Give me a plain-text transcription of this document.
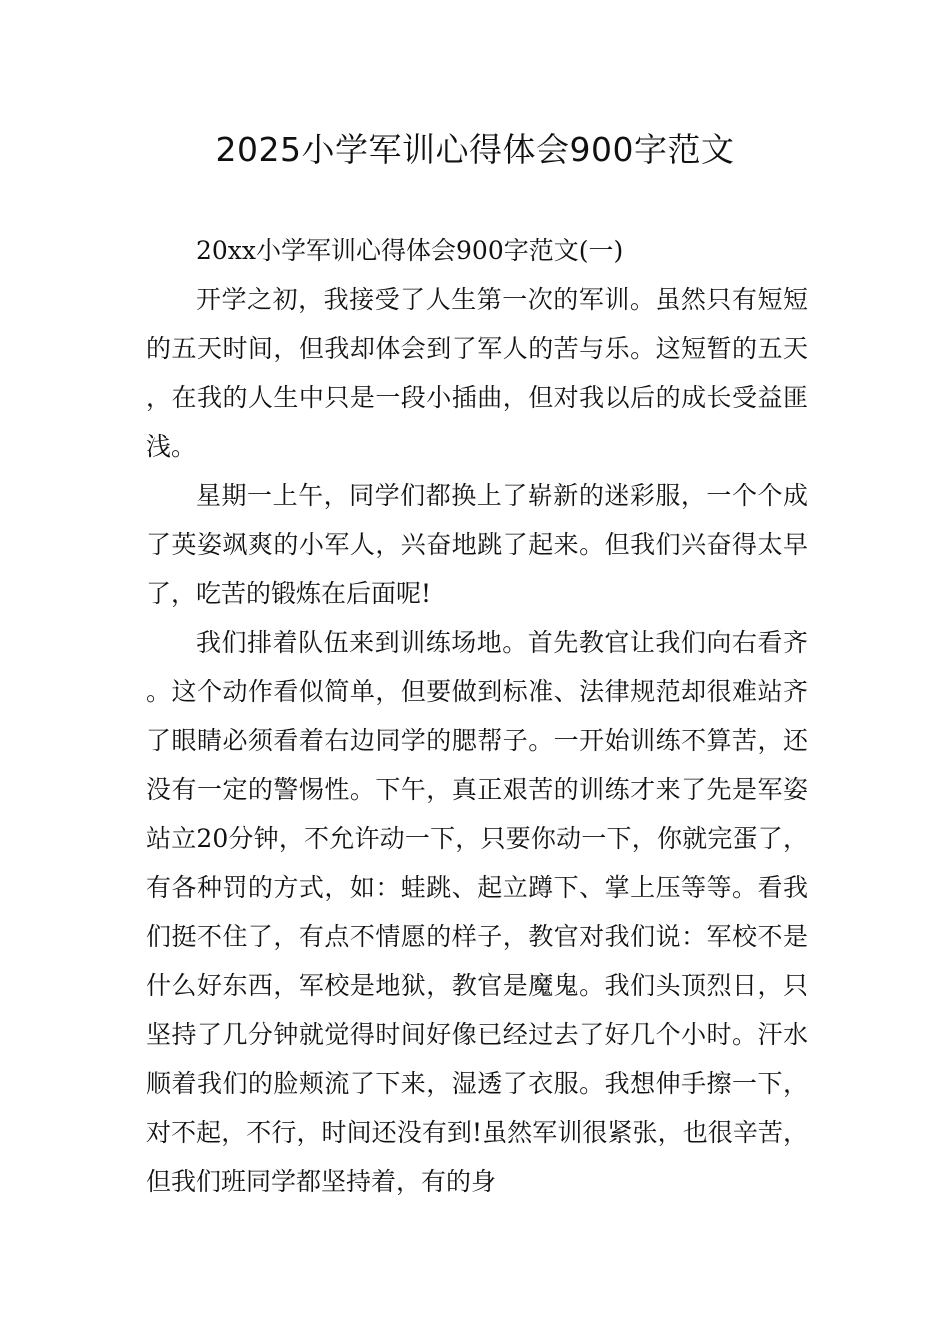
2025小学军训心得体会900字范文

20xx小学军训心得体会900字范文(一)

开学之初，我接受了人生第一次的军训。虽然只有短短的五天时间，但我却体会到了军人的苦与乐。这短暂的五天，在我的人生中只是一段小插曲，但对我以后的成长受益匪浅。

星期一上午，同学们都换上了崭新的迷彩服，一个个成了英姿飒爽的小军人，兴奋地跳了起来。但我们兴奋得太早了，吃苦的锻炼在后面呢!

我们排着队伍来到训练场地。首先教官让我们向右看齐。这个动作看似简单，但要做到标准、法律规范却很难站齐了眼睛必须看着右边同学的腮帮子。一开始训练不算苦，还没有一定的警惕性。下午，真正艰苦的训练才来了先是军姿站立20分钟，不允许动一下，只要你动一下，你就完蛋了，有各种罚的方式，如：蛙跳、起立蹲下、掌上压等等。看我们挺不住了，有点不情愿的样子，教官对我们说：军校不是什么好东西，军校是地狱，教官是魔鬼。我们头顶烈日，只坚持了几分钟就觉得时间好像已经过去了好几个小时。汗水顺着我们的脸颊流了下来，湿透了衣服。我想伸手擦一下，对不起，不行，时间还没有到!虽然军训很紧张，也很辛苦，但我们班同学都坚持着，有的身
